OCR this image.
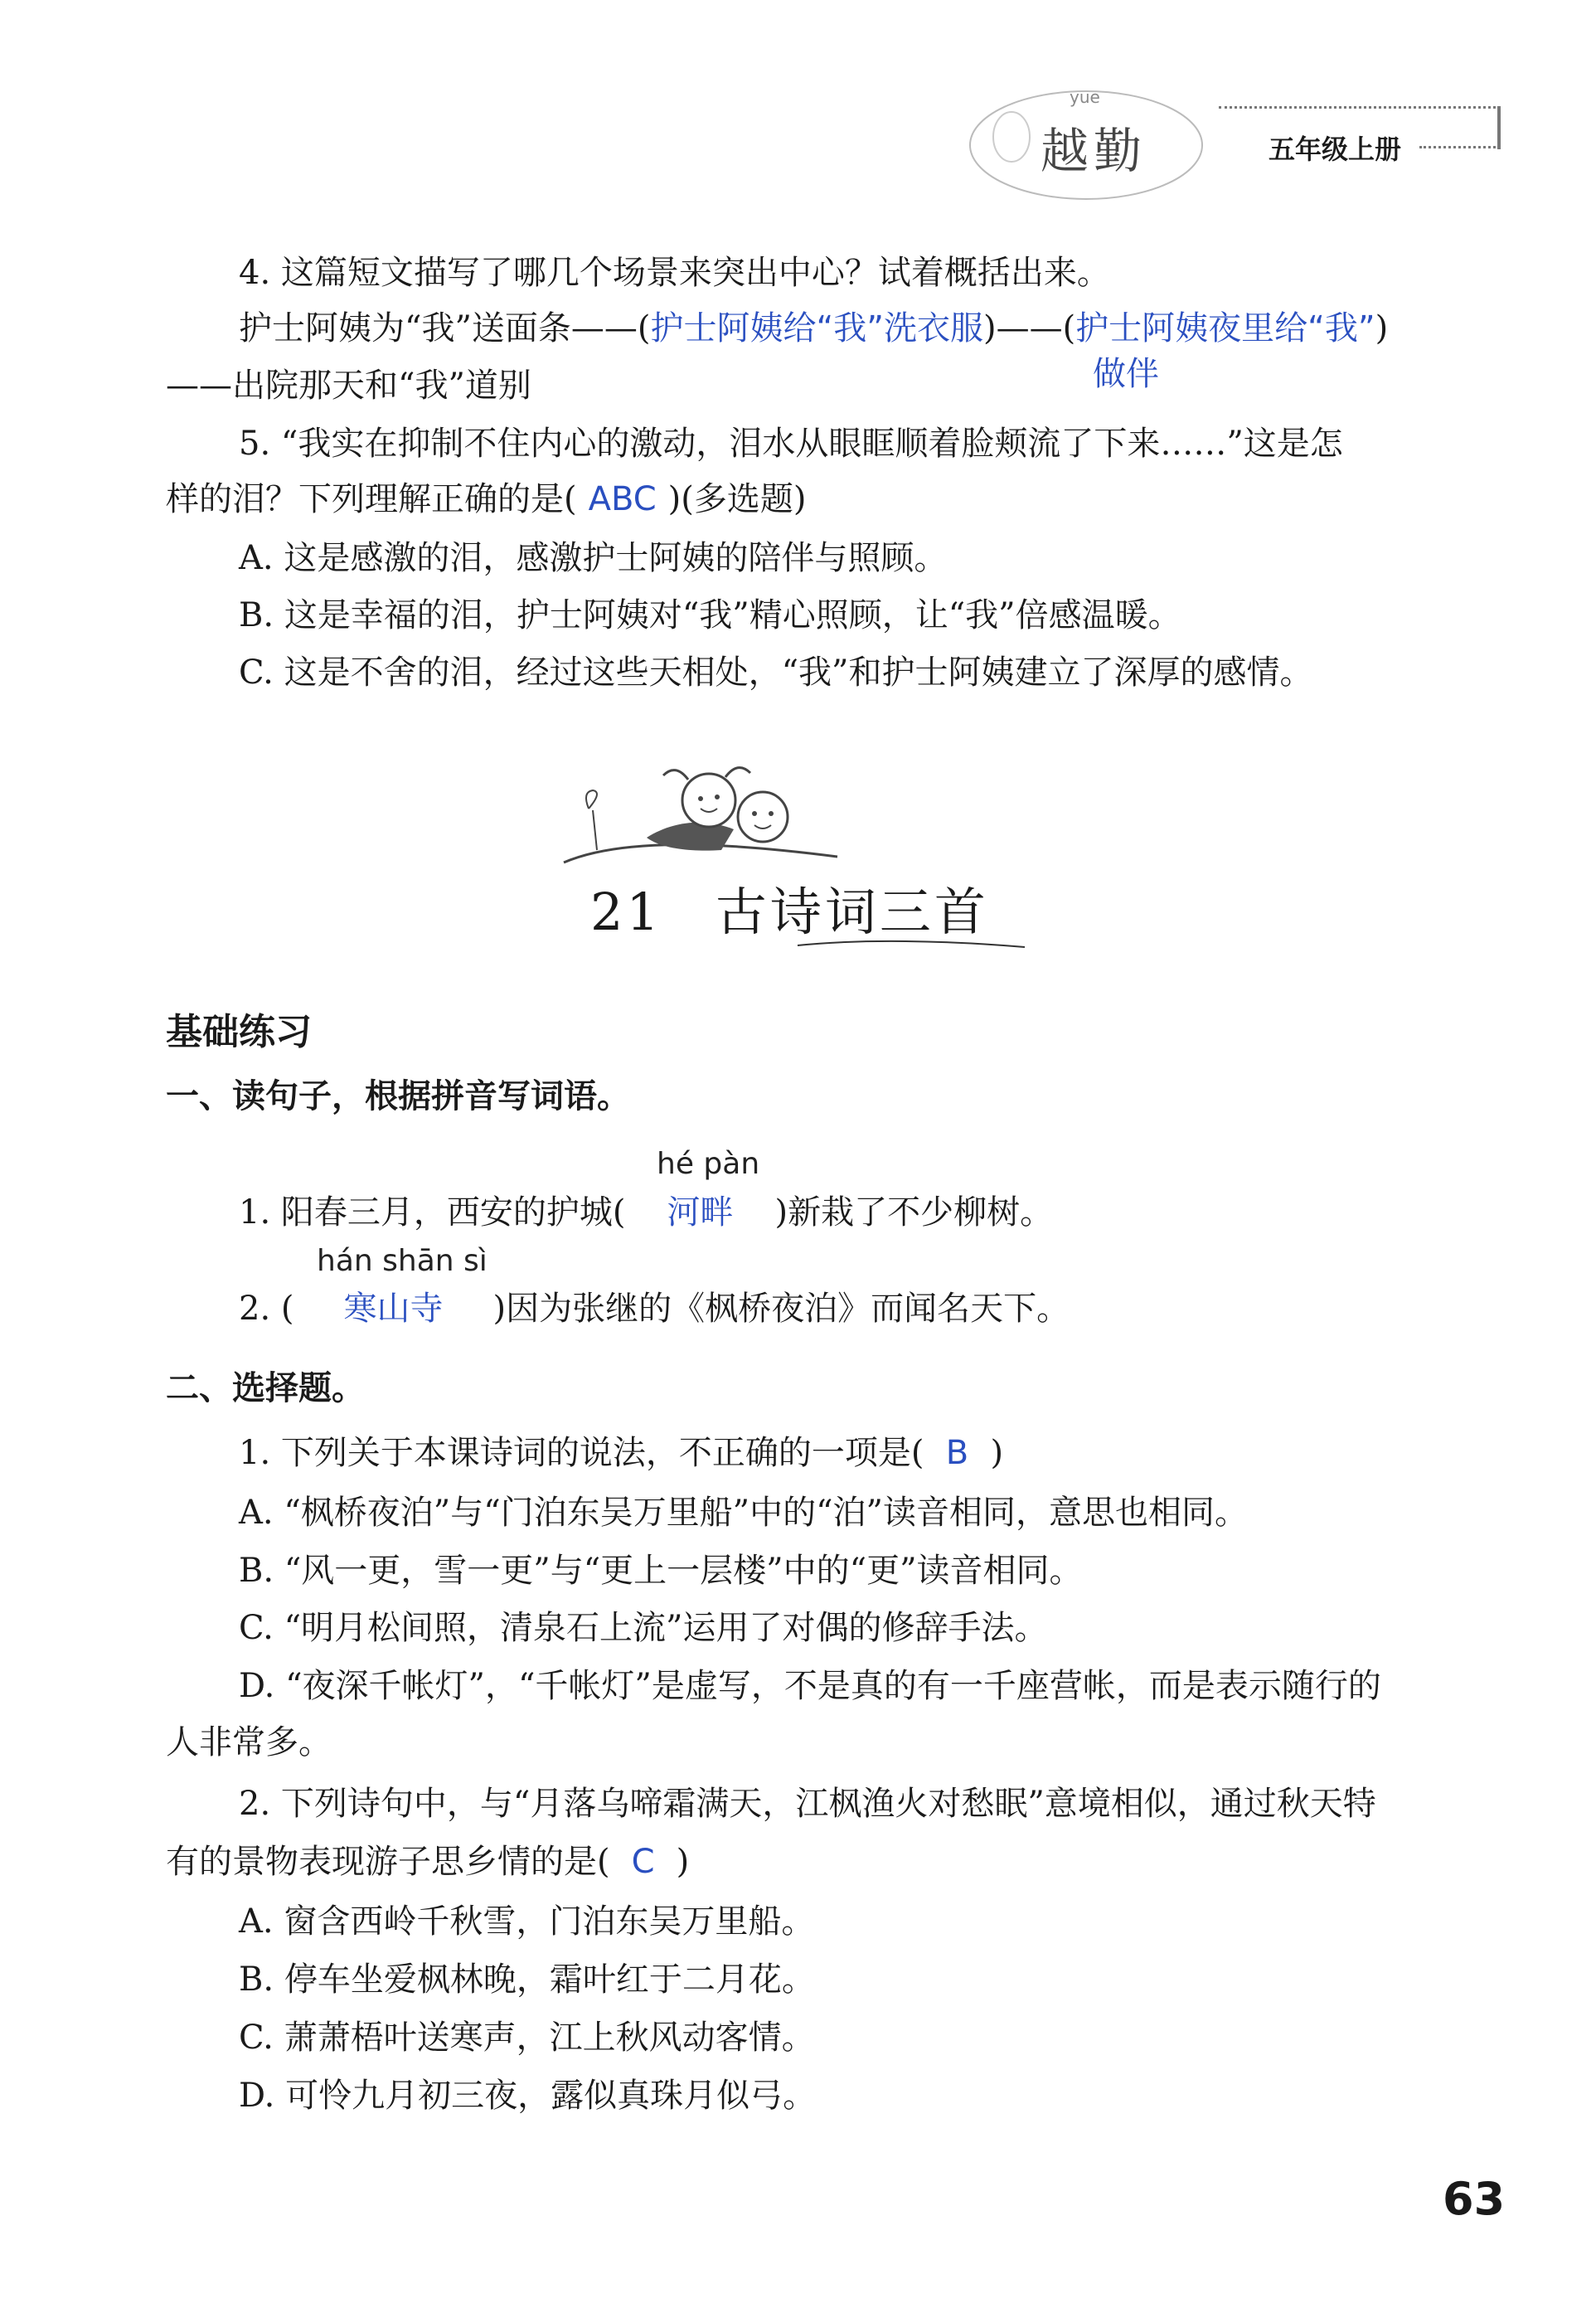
yue
越勤	五年级上册
4. 这篇短文描写了哪几个场景来突出中心？试着概括出来。
护士阿姨为“我”送面条——(护士阿姨给“我”洗衣服)——(护士阿姨夜里给“我”)
做伴
——出院那天和“我”道别
5. “我实在抑制不住内心的激动，泪水从眼眶顺着脸颊流了下来……”这是怎
样的泪？下列理解正确的是( ABC )(多选题)
A. 这是感激的泪，感激护士阿姨的陪伴与照顾。
B. 这是幸福的泪，护士阿姨对“我”精心照顾，让“我”倍感温暖。
C. 这是不舍的泪，经过这些天相处，“我”和护士阿姨建立了深厚的感情。
21 古诗词三首
基础练习
一、读句子，根据拼音写词语。
hé pàn
1. 阳春三月，西安的护城( 河畔 )新栽了不少柳树。
hán shān sì
2. ( 寒山寺 )因为张继的《枫桥夜泊》而闻名天下。
二、选择题。
1. 下列关于本课诗词的说法，不正确的一项是( B )
A. “枫桥夜泊”与“门泊东吴万里船”中的“泊”读音相同，意思也相同。
B. “风一更，雪一更”与“更上一层楼”中的“更”读音相同。
C. “明月松间照，清泉石上流”运用了对偶的修辞手法。
D. “夜深千帐灯”，“千帐灯”是虚写，不是真的有一千座营帐，而是表示随行的
人非常多。
2. 下列诗句中，与“月落乌啼霜满天，江枫渔火对愁眠”意境相似，通过秋天特
有的景物表现游子思乡情的是( C )
A. 窗含西岭千秋雪，门泊东吴万里船。
B. 停车坐爱枫林晚，霜叶红于二月花。
C. 萧萧梧叶送寒声，江上秋风动客情。
D. 可怜九月初三夜，露似真珠月似弓。
63
